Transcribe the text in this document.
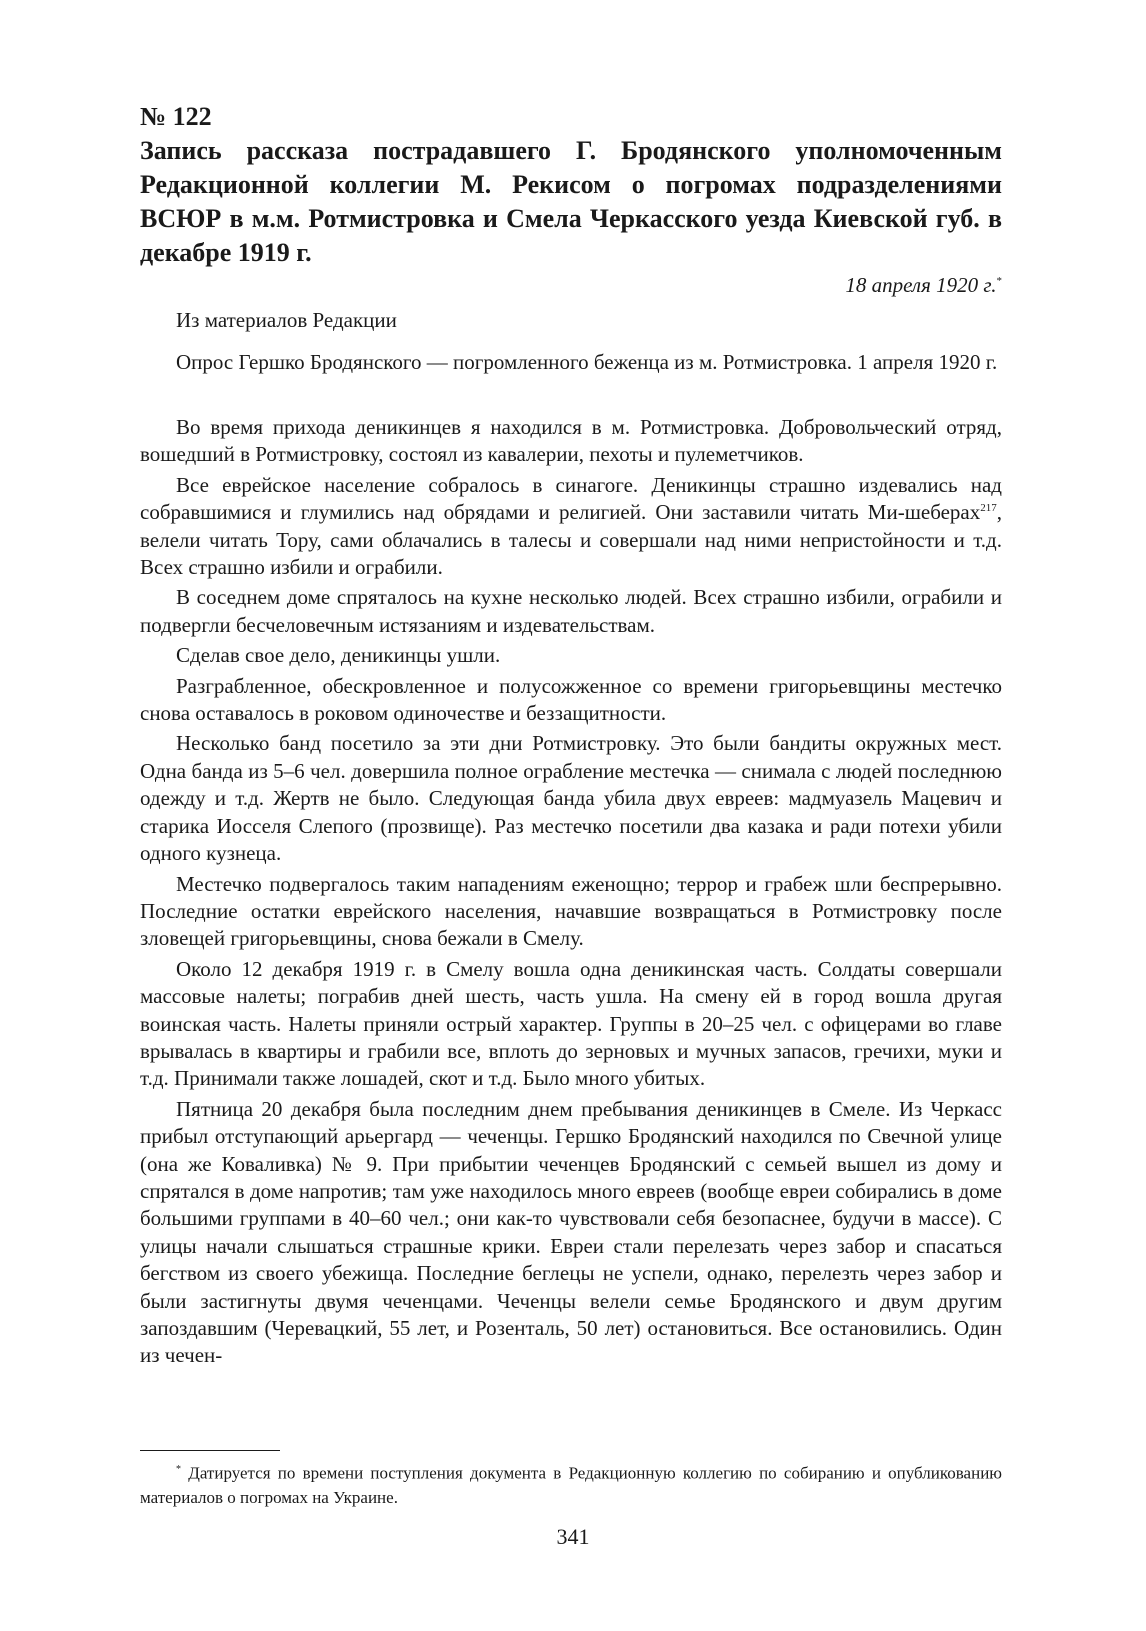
№ 122
Запись рассказа пострадавшего Г. Бродянского уполномоченным Редакционной коллегии М. Рекисом о погромах подразделениями ВСЮР в м.м. Ротмистровка и Смела Черкасского уезда Киевской губ. в декабре 1919 г.
18 апреля 1920 г.*

Из материалов Редакции

Опрос Гершко Бродянского — погромленного беженца из м. Ротмистровка. 1 апреля 1920 г.

Во время прихода деникинцев я находился в м. Ротмистровка. Добровольческий отряд, вошедший в Ротмистровку, состоял из кавалерии, пехоты и пулеметчиков.

Все еврейское население собралось в синагоге. Деникинцы страшно издевались над собравшимися и глумились над обрядами и религией. Они заставили читать Ми-шеберах$^{217}$, велели читать Тору, сами облачались в талесы и совершали над ними непристойности и т.д. Всех страшно избили и ограбили.

В соседнем доме спряталось на кухне несколько людей. Всех страшно избили, ограбили и подвергли бесчеловечным истязаниям и издевательствам.

Сделав свое дело, деникинцы ушли.

Разграбленное, обескровленное и полусожженное со времени григорьевщины местечко снова оставалось в роковом одиночестве и беззащитности.

Несколько банд посетило за эти дни Ротмистровку. Это были бандиты окружных мест. Одна банда из 5–6 чел. довершила полное ограбление местечка — снимала с людей последнюю одежду и т.д. Жертв не было. Следующая банда убила двух евреев: мадмуазель Мацевич и старика Иосселя Слепого (прозвище). Раз местечко посетили два казака и ради потехи убили одного кузнеца.

Местечко подвергалось таким нападениям еженощно; террор и грабеж шли беспрерывно. Последние остатки еврейского населения, начавшие возвращаться в Ротмистровку после зловещей григорьевщины, снова бежали в Смелу.

Около 12 декабря 1919 г. в Смелу вошла одна деникинская часть. Солдаты совершали массовые налеты; пограбив дней шесть, часть ушла. На смену ей в город вошла другая воинская часть. Налеты приняли острый характер. Группы в 20–25 чел. с офицерами во главе врывалась в квартиры и грабили все, вплоть до зерновых и мучных запасов, гречихи, муки и т.д. Принимали также лошадей, скот и т.д. Было много убитых.

Пятница 20 декабря была последним днем пребывания деникинцев в Смеле. Из Черкасс прибыл отступающий арьергард — чеченцы. Гершко Бродянский находился по Свечной улице (она же Коваливка) № 9. При прибытии чеченцев Бродянский с семьей вышел из дому и спрятался в доме напротив; там уже находилось много евреев (вообще евреи собирались в доме большими группами в 40–60 чел.; они как-то чувствовали себя безопаснее, будучи в массе). С улицы начали слышаться страшные крики. Евреи стали перелезать через забор и спасаться бегством из своего убежища. Последние беглецы не успели, однако, перелезть через забор и были застигнуты двумя чеченцами. Чеченцы велели семье Бродянского и двум другим запоздавшим (Черевацкий, 55 лет, и Розенталь, 50 лет) остановиться. Все остановились. Один из чечен-

* Датируется по времени поступления документа в Редакционную коллегию по собиранию и опубликованию материалов о погромах на Украине.

341
